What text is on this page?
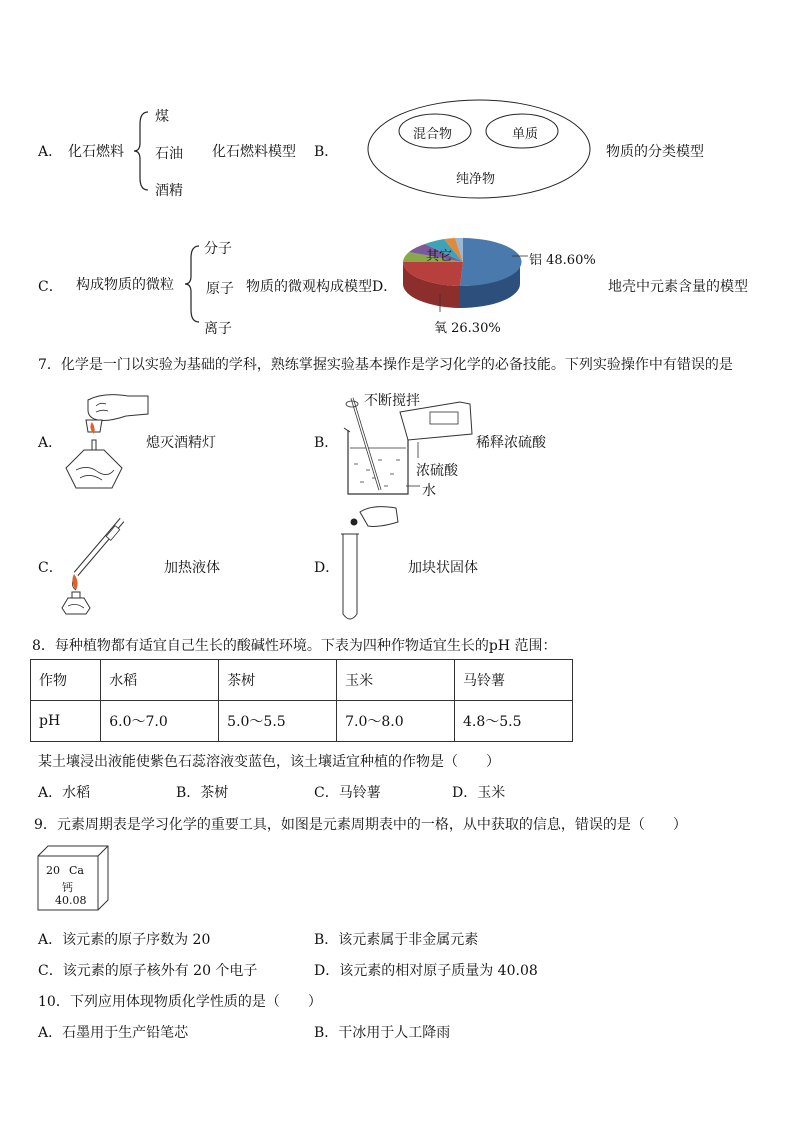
A． 化石燃料
煤
石油
酒精
化石燃料模型 B．
混合物	单质
纯净物
物质的分类模型
C． 构成物质的微粒
分子
原子
离子
物质的微观构成模型 D．
其它	铝 48.60%
氧 26.30%
地壳中元素含量的模型
7．化学是一门以实验为基础的学科，熟练掌握实验基本操作是学习化学的必备技能。下列实验操作中有错误的是
A．	熄灭酒精灯	B．
不断搅拌
稀释浓硫酸
浓硫酸
水
C．	加热液体	D．	加块状固体
8．每种植物都有适宜自己生长的酸碱性环境。下表为四种作物适宜生长的pH 范围：
作物	水稻	茶树	玉米	马铃薯
pH	6.0～7.0	5.0～5.5	7.0～8.0	4.8～5.5
某土壤浸出液能使紫色石蕊溶液变蓝色，该土壤适宜种植的作物是（　　）
A．水稻	B．茶树	C．马铃薯	D．玉米
9．元素周期表是学习化学的重要工具，如图是元素周期表中的一格，从中获取的信息，错误的是（　　）
20 Ca
钙
40.08
A．该元素的原子序数为 20	B．该元素属于非金属元素
C．该元素的原子核外有 20 个电子	D．该元素的相对原子质量为 40.08
10．下列应用体现物质化学性质的是（　　）
A．石墨用于生产铅笔芯	B．干冰用于人工降雨
